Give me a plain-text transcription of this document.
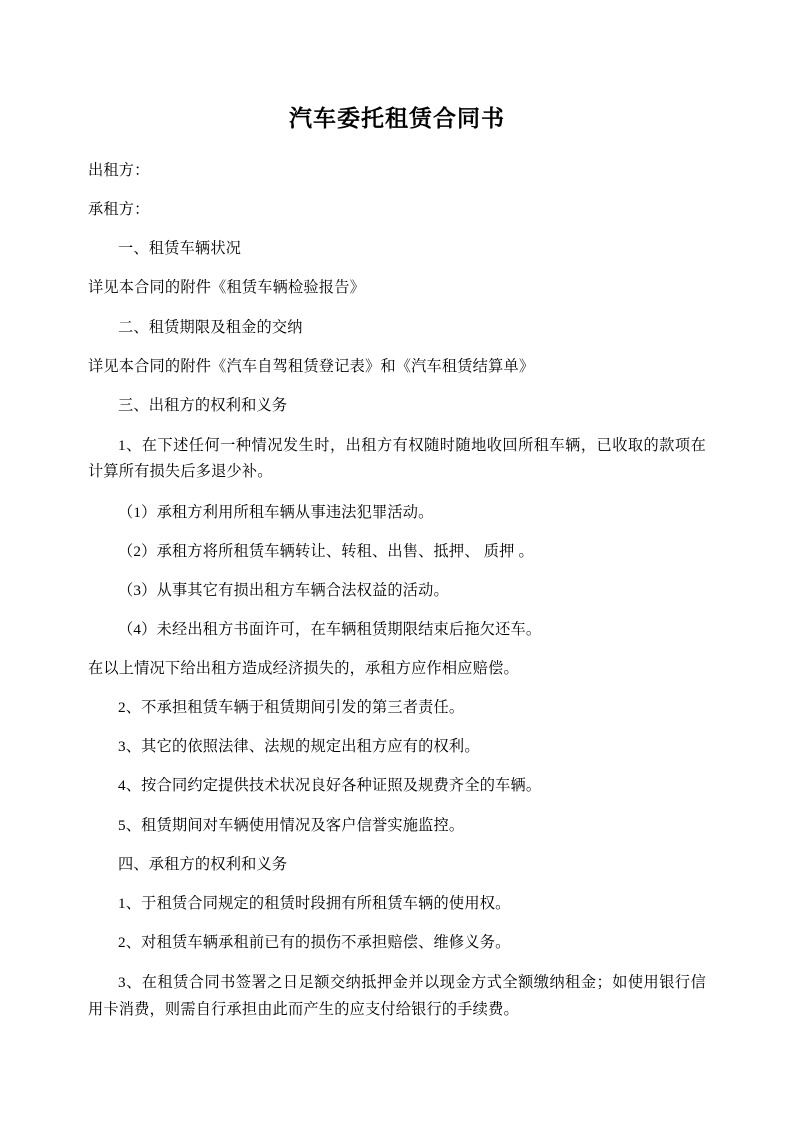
汽车委托租赁合同书

出租方：

承租方：

一、租赁车辆状况

详见本合同的附件《租赁车辆检验报告》

二、租赁期限及租金的交纳

详见本合同的附件《汽车自驾租赁登记表》和《汽车租赁结算单》

三、出租方的权利和义务

1、在下述任何一种情况发生时，出租方有权随时随地收回所租车辆，已收取的款项在计算所有损失后多退少补。

（1）承租方利用所租车辆从事违法犯罪活动。

（2）承租方将所租赁车辆转让、转租、出售、抵押、 质押 。

（3）从事其它有损出租方车辆合法权益的活动。

（4）未经出租方书面许可，在车辆租赁期限结束后拖欠还车。

在以上情况下给出租方造成经济损失的，承租方应作相应赔偿。

2、不承担租赁车辆于租赁期间引发的第三者责任。

3、其它的依照法律、法规的规定出租方应有的权利。

4、按合同约定提供技术状况良好各种证照及规费齐全的车辆。

5、租赁期间对车辆使用情况及客户信誉实施监控。

四、承租方的权利和义务

1、于租赁合同规定的租赁时段拥有所租赁车辆的使用权。

2、对租赁车辆承租前已有的损伤不承担赔偿、维修义务。

3、在租赁合同书签署之日足额交纳抵押金并以现金方式全额缴纳租金；如使用银行信用卡消费，则需自行承担由此而产生的应支付给银行的手续费。
